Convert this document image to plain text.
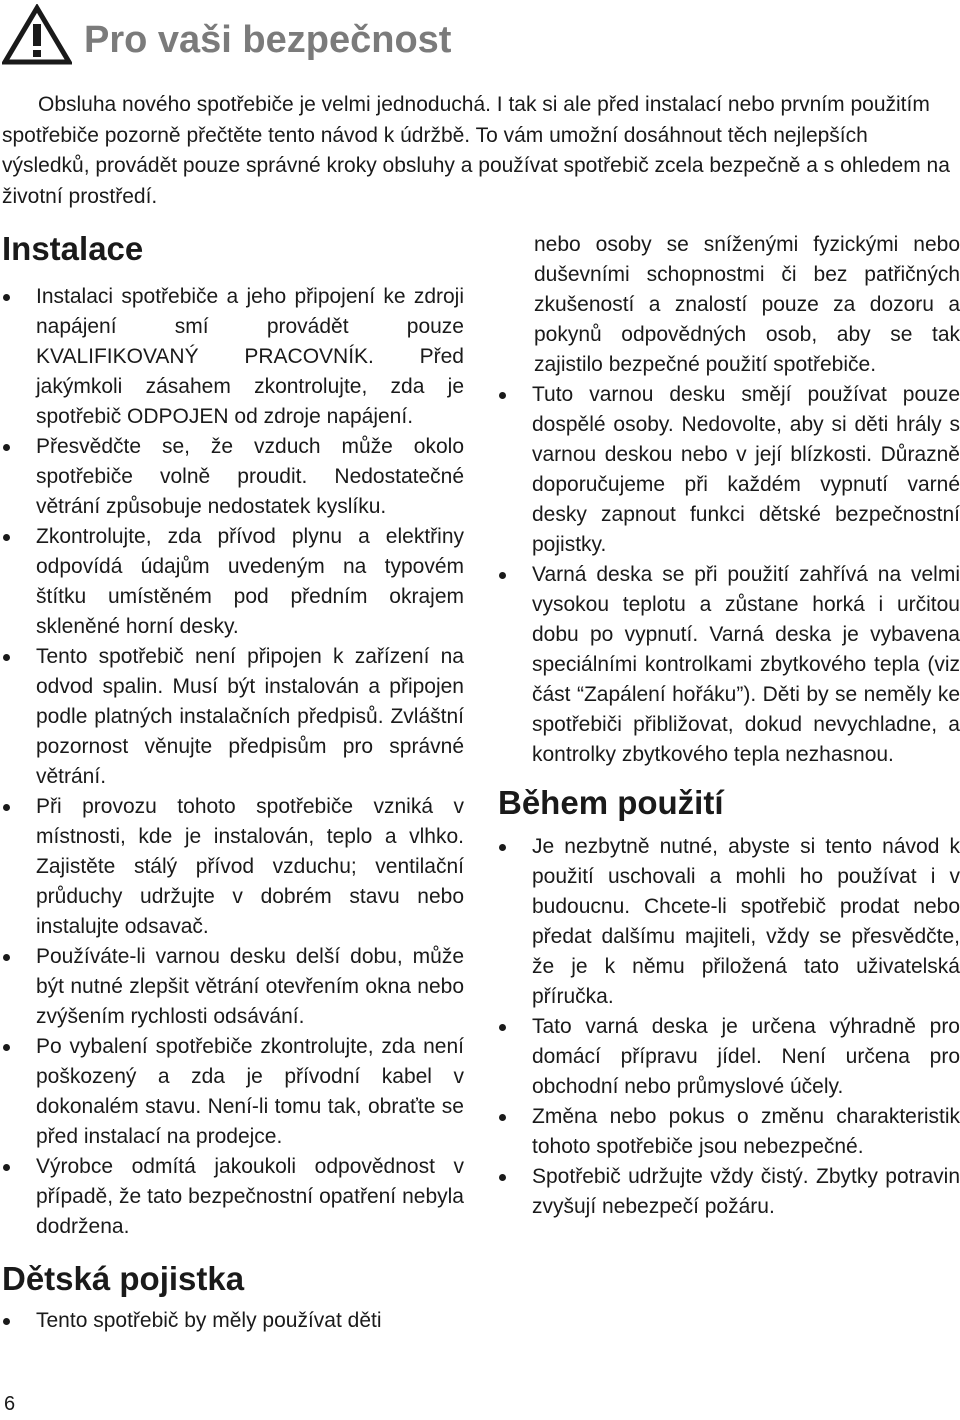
Pro vaši bezpečnost

Obsluha nového spotřebiče je velmi jednoduchá. I tak si ale před instalací nebo prvním použitím spotřebiče pozorně přečtěte tento návod k údržbě. To vám umožní dosáhnout těch nejlepších výsledků, provádět pouze správné kroky obsluhy a používat spotřebič zcela bezpečně a s ohledem na životní prostředí.

Instalace
Instalaci spotřebiče a jeho připojení ke zdroji napájení smí provádět pouze KVALIFIKOVANÝ PRACOVNÍK. Před jakýmkoli zásahem zkontrolujte, zda je spotřebič ODPOJEN od zdroje napájení.
Přesvědčte se, že vzduch může okolo spotřebiče volně proudit. Nedostatečné větrání způsobuje nedostatek kyslíku.
Zkontrolujte, zda přívod plynu a elektřiny odpovídá údajům uvedeným na typovém štítku umístěném pod předním okrajem skleněné horní desky.
Tento spotřebič není připojen k zařízení na odvod spalin. Musí být instalován a připojen podle platných instalačních předpisů. Zvláštní pozornost věnujte předpisům pro správné větrání.
Při provozu tohoto spotřebiče vzniká v místnosti, kde je instalován, teplo a vlhko. Zajistěte stálý přívod vzduchu; ventilační průduchy udržujte v dobrém stavu nebo instalujte odsavač.
Používáte-li varnou desku delší dobu, může být nutné zlepšit větrání otevřením okna nebo zvýšením rychlosti odsávání.
Po vybalení spotřebiče zkontrolujte, zda není poškozený a zda je přívodní kabel v dokonalém stavu. Není-li tomu tak, obraťte se před instalací na prodejce.
Výrobce odmítá jakoukoli odpovědnost v případě, že tato bezpečnostní opatření nebyla dodržena.
Dětská pojistka
Tento spotřebič by měly používat děti

nebo osoby se sníženými fyzickými nebo duševními schopnostmi či bez patřičných zkušeností a znalostí pouze za dozoru a pokynů odpovědných osob, aby se tak zajistilo bezpečné použití spotřebiče.

Tuto varnou desku smějí používat pouze dospělé osoby. Nedovolte, aby si děti hrály s varnou deskou nebo v její blízkosti. Důrazně doporučujeme při každém vypnutí varné desky zapnout funkci dětské bezpečnostní pojistky.
Varná deska se při použití zahřívá na velmi vysokou teplotu a zůstane horká i určitou dobu po vypnutí. Varná deska je vybavena speciálními kontrolkami zbytkového tepla (viz část “Zapálení hořáku”). Děti by se neměly ke spotřebiči přibližovat, dokud nevychladne, a kontrolky zbytkového tepla nezhasnou.
Během použití
Je nezbytně nutné, abyste si tento návod k použití uschovali a mohli ho používat i v budoucnu. Chcete-li spotřebič prodat nebo předat dalšímu majiteli, vždy se přesvědčte, že je k němu přiložená tato uživatelská příručka.
Tato varná deska je určena výhradně pro domácí přípravu jídel. Není určena pro obchodní nebo průmyslové účely.
Změna nebo pokus o změnu charakteristik tohoto spotřebiče jsou nebezpečné.
Spotřebič udržujte vždy čistý. Zbytky potravin zvyšují nebezpečí požáru.

6
